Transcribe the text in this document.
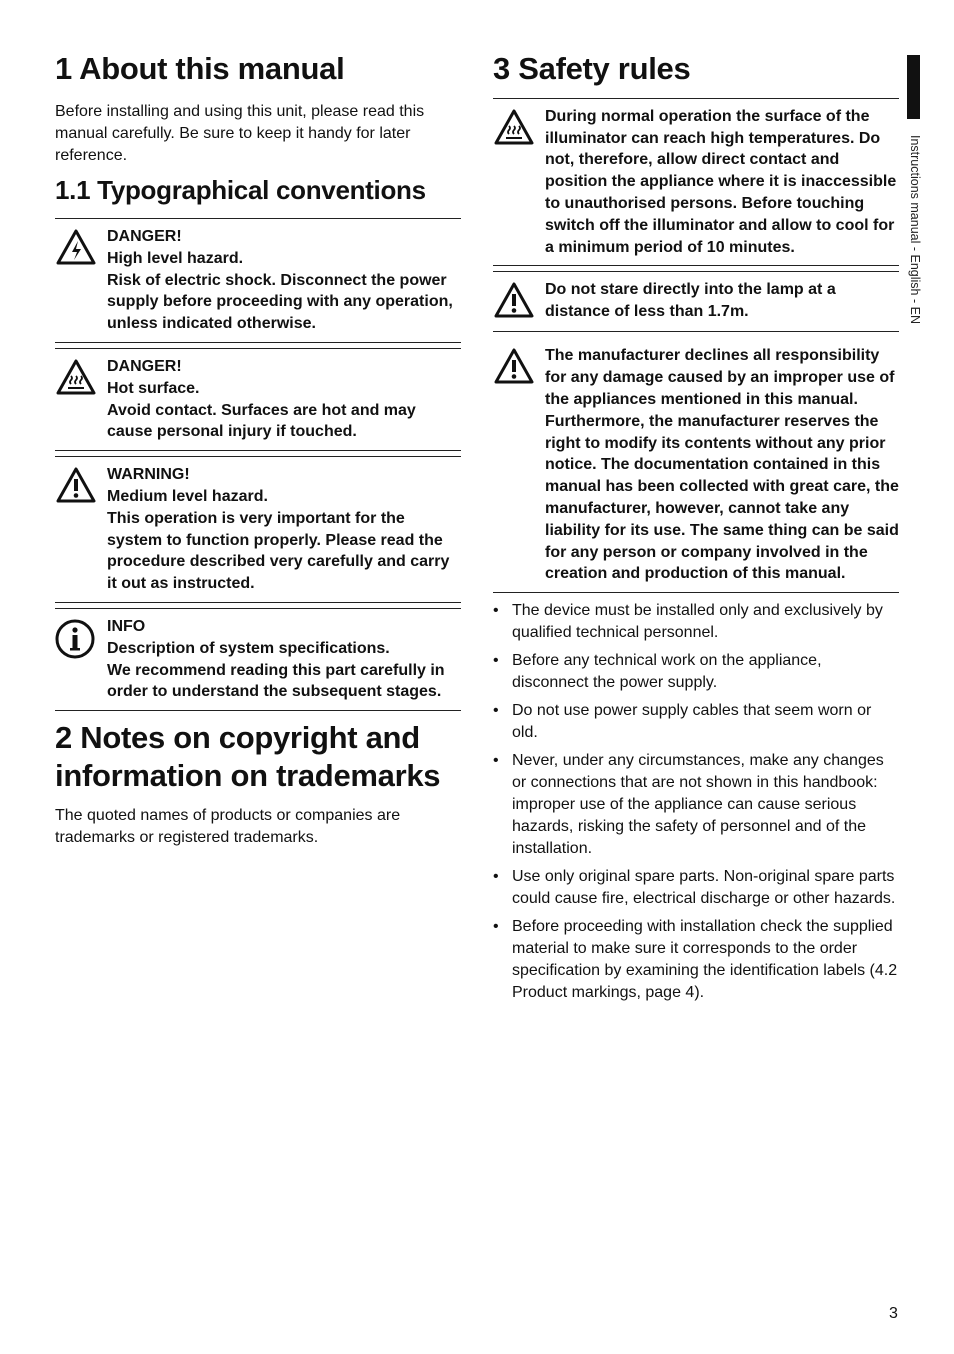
1 About this manual

Before installing and using this unit, please read this manual carefully. Be sure to keep it handy for later reference.

1.1 Typographical conventions
DANGER!
High level hazard.
Risk of electric shock. Disconnect the power supply before proceeding with any operation, unless indicated otherwise.
DANGER!
Hot surface.
Avoid contact. Surfaces are hot and may cause personal injury if touched.
WARNING!
Medium level hazard.
This operation is very important for the system to function properly. Please read the procedure described very carefully and carry it out as instructed.
INFO
Description of system specifications.
We recommend reading this part carefully in order to understand the subsequent stages.
2 Notes on copyright and information on trademarks

The quoted names of products or companies are trademarks or registered trademarks.

3 Safety rules
During normal operation the surface of the illuminator can reach high temperatures. Do not, therefore, allow direct contact and position the appliance where it is inaccessible to unauthorised persons. Before touching switch off the illuminator and allow to cool for a minimum period of 10 minutes.
Do not stare directly into the lamp at a distance of less than 1.7m.
The manufacturer declines all responsibility for any damage caused by an improper use of the appliances mentioned in this manual. Furthermore, the manufacturer reserves the right to modify its contents without any prior notice. The documentation contained in this manual has been collected with great care, the manufacturer, however, cannot take any liability for its use. The same thing can be said for any person or company involved in the creation and production of this manual.
• The device must be installed only and exclusively by qualified technical personnel.
• Before any technical work on the appliance, disconnect the power supply.
• Do not use power supply cables that seem worn or old.
• Never, under any circumstances, make any changes or connections that are not shown in this handbook: improper use of the appliance can cause serious hazards, risking the safety of personnel and of the installation.
• Use only original spare parts. Non-original spare parts could cause fire, electrical discharge or other hazards.
• Before proceeding with installation check the supplied material to make sure it corresponds to the order specification by examining the identification labels (4.2 Product markings, page 4).
Instructions manual - English - EN
3
